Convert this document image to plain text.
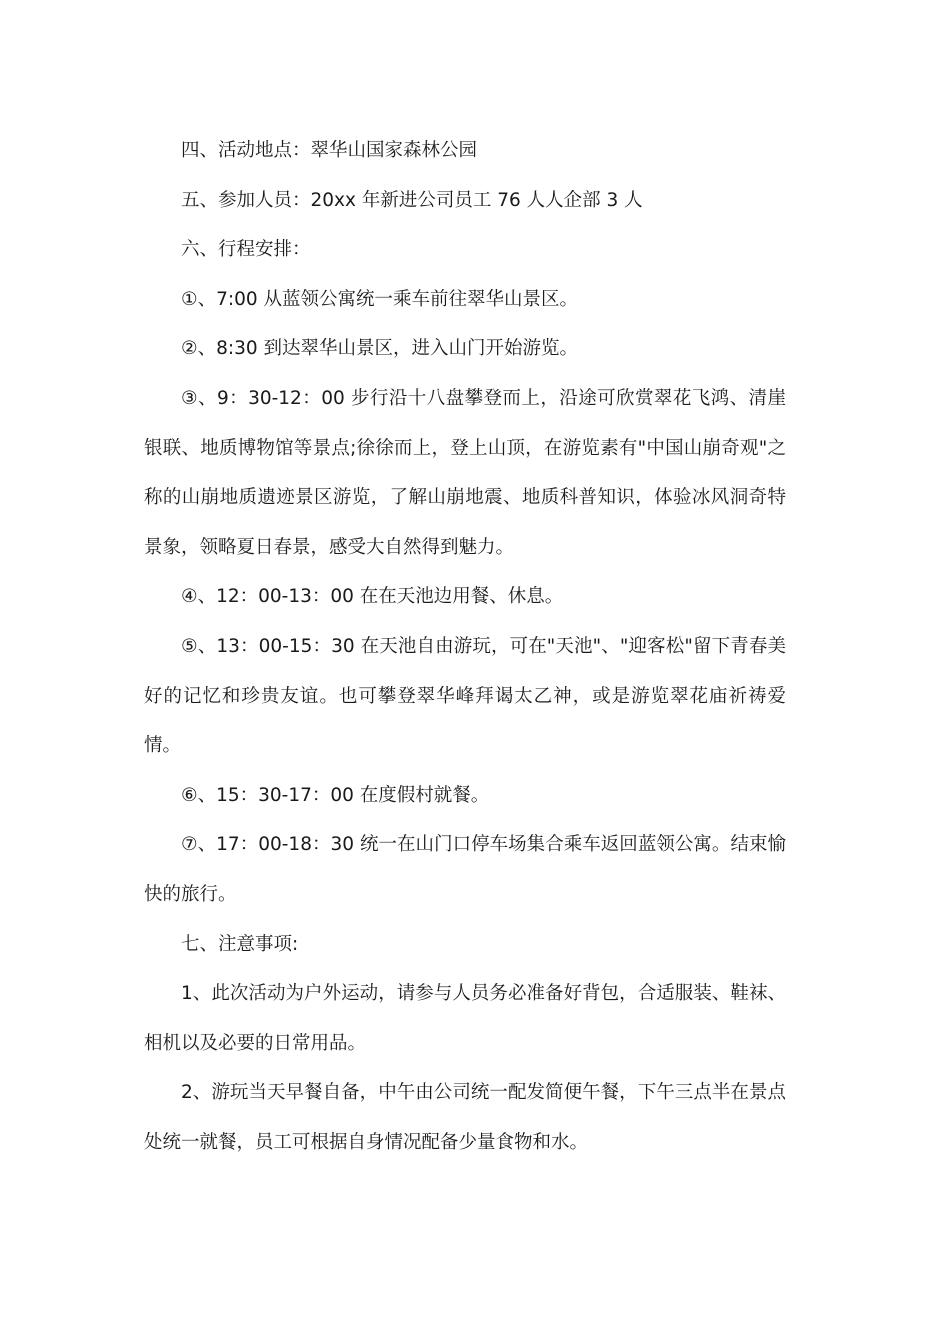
四、活动地点：翠华山国家森林公园

五、参加人员：20xx 年新进公司员工 76 人人企部 3 人

六、行程安排：

①、7:00 从蓝领公寓统一乘车前往翠华山景区。

②、8:30 到达翠华山景区，进入山门开始游览。

③、9：30-12：00 步行沿十八盘攀登而上，沿途可欣赏翠花飞鸿、清崖银联、地质博物馆等景点;徐徐而上，登上山顶，在游览素有"中国山崩奇观"之称的山崩地质遗迹景区游览，了解山崩地震、地质科普知识，体验冰风洞奇特景象，领略夏日春景，感受大自然得到魅力。

④、12：00-13：00 在在天池边用餐、休息。

⑤、13：00-15：30 在天池自由游玩，可在"天池"、"迎客松"留下青春美好的记忆和珍贵友谊。也可攀登翠华峰拜谒太乙神，或是游览翠花庙祈祷爱情。

⑥、15：30-17：00 在度假村就餐。

⑦、17：00-18：30 统一在山门口停车场集合乘车返回蓝领公寓。结束愉快的旅行。

七、注意事项:

1、此次活动为户外运动，请参与人员务必准备好背包，合适服装、鞋袜、相机以及必要的日常用品。

2、游玩当天早餐自备，中午由公司统一配发简便午餐，下午三点半在景点处统一就餐，员工可根据自身情况配备少量食物和水。
